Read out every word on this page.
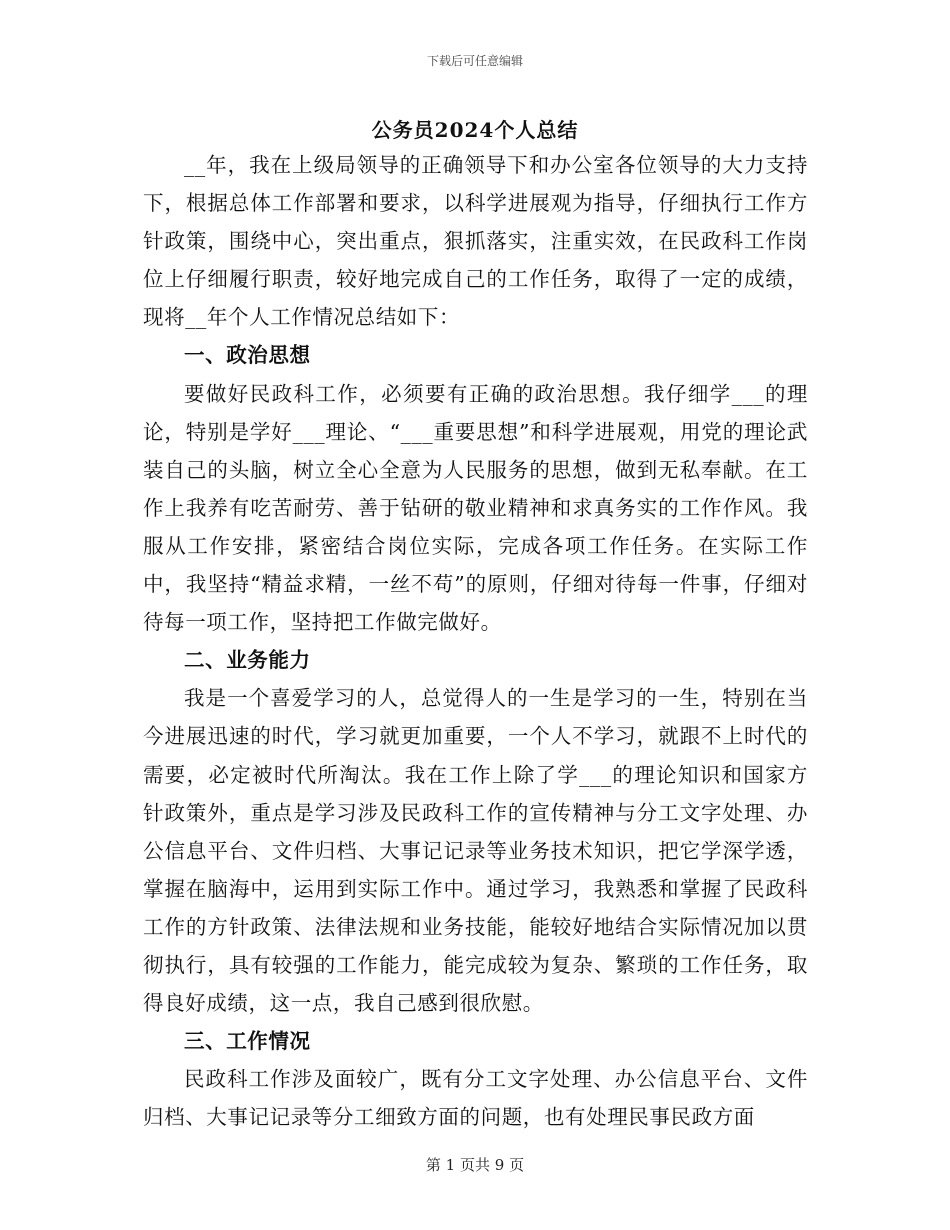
下载后可任意编辑
公务员2024个人总结

__年，我在上级局领导的正确领导下和办公室各位领导的大力支持下，根据总体工作部署和要求，以科学进展观为指导，仔细执行工作方针政策，围绕中心，突出重点，狠抓落实，注重实效，在民政科工作岗位上仔细履行职责，较好地完成自己的工作任务，取得了一定的成绩，现将__年个人工作情况总结如下：

一、政治思想

要做好民政科工作，必须要有正确的政治思想。我仔细学___的理论，特别是学好___理论、“___重要思想”和科学进展观，用党的理论武装自己的头脑，树立全心全意为人民服务的思想，做到无私奉献。在工作上我养有吃苦耐劳、善于钻研的敬业精神和求真务实的工作作风。我服从工作安排，紧密结合岗位实际，完成各项工作任务。在实际工作中，我坚持“精益求精，一丝不苟”的原则，仔细对待每一件事，仔细对待每一项工作，坚持把工作做完做好。

二、业务能力

我是一个喜爱学习的人，总觉得人的一生是学习的一生，特别在当今进展迅速的时代，学习就更加重要，一个人不学习，就跟不上时代的需要，必定被时代所淘汰。我在工作上除了学___的理论知识和国家方针政策外，重点是学习涉及民政科工作的宣传精神与分工文字处理、办公信息平台、文件归档、大事记记录等业务技术知识，把它学深学透，掌握在脑海中，运用到实际工作中。通过学习，我熟悉和掌握了民政科工作的方针政策、法律法规和业务技能，能较好地结合实际情况加以贯彻执行，具有较强的工作能力，能完成较为复杂、繁琐的工作任务，取得良好成绩，这一点，我自己感到很欣慰。

三、工作情况

民政科工作涉及面较广，既有分工文字处理、办公信息平台、文件归档、大事记记录等分工细致方面的问题，也有处理民事民政方面

第 1 页共 9 页
